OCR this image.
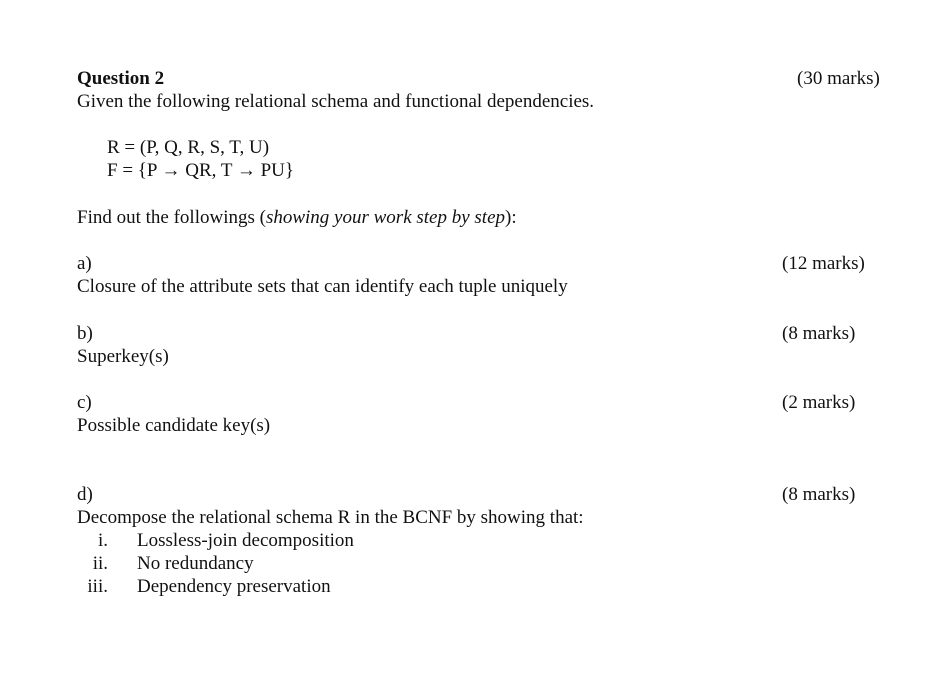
Question 2	(30 marks)
Given the following relational schema and functional dependencies.
R = (P, Q, R, S, T, U)
F = {P → QR, T → PU}
Find out the followings (showing your work step by step):
a)	(12 marks)
Closure of the attribute sets that can identify each tuple uniquely
b)	(8 marks)
Superkey(s)
c)	(2 marks)
Possible candidate key(s)
d)	(8 marks)
Decompose the relational schema R in the BCNF by showing that:
i. Lossless-join decomposition
ii. No redundancy
iii. Dependency preservation
